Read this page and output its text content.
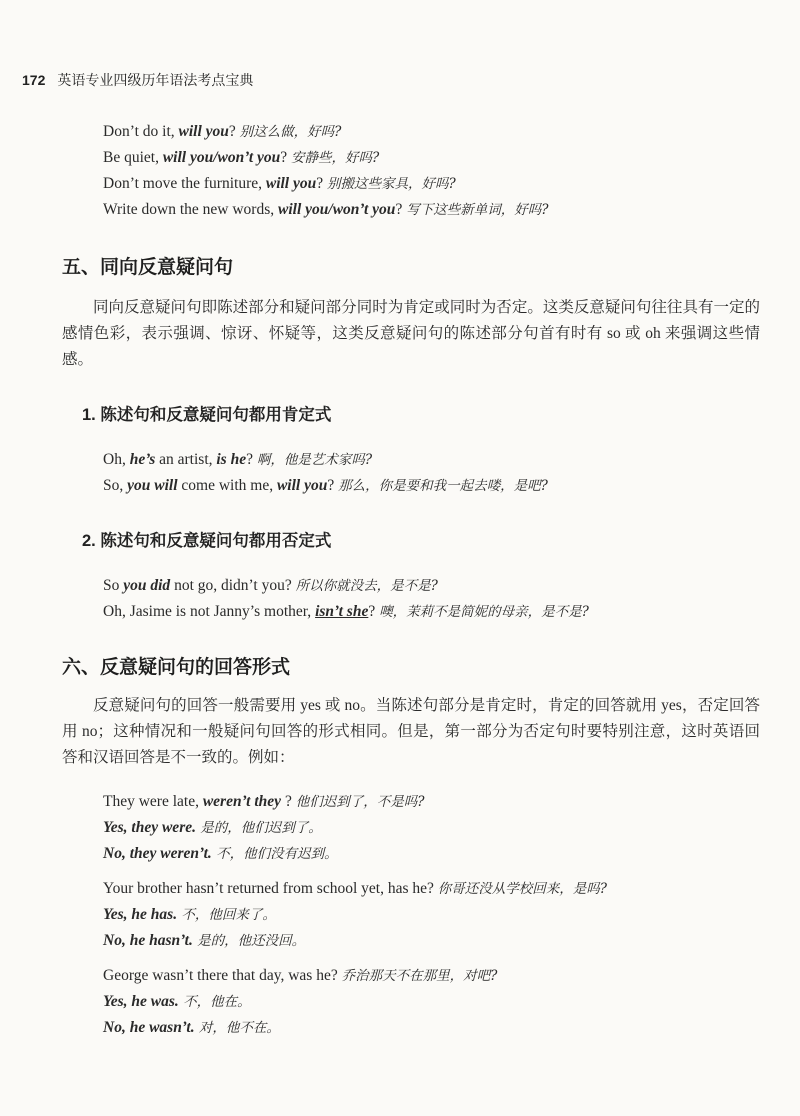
172 英语专业四级历年语法考点宝典
Don’t do it, will you? 别这么做，好吗?
Be quiet, will you/won’t you? 安静些，好吗?
Don’t move the furniture, will you? 别搬这些家具，好吗?
Write down the new words, will you/won’t you? 写下这些新单词，好吗?
五、同向反意疑问句
同向反意疑问句即陈述部分和疑问部分同时为肯定或同时为否定。这类反意疑问句往往具有一定的感情色彩，表示强调、惊讶、怀疑等，这类反意疑问句的陈述部分句首有时有 so 或 oh 来强调这些情感。
1. 陈述句和反意疑问句都用肯定式
Oh, he’s an artist, is he? 啊，他是艺术家吗?
So, you will come with me, will you? 那么，你是要和我一起去喽，是吧?
2. 陈述句和反意疑问句都用否定式
So you did not go, didn’t you? 所以你就没去，是不是?
Oh, Jasime is not Janny’s mother, isn’t she? 噢，茉莉不是简妮的母亲，是不是?
六、反意疑问句的回答形式
反意疑问句的回答一般需要用 yes 或 no。当陈述句部分是肯定时，肯定的回答就用 yes，否定回答用 no；这种情况和一般疑问句回答的形式相同。但是，第一部分为否定句时要特别注意，这时英语回答和汉语回答是不一致的。例如：
They were late, weren’t they ? 他们迟到了，不是吗?
Yes, they were. 是的，他们迟到了。
No, they weren’t. 不，他们没有迟到。
Your brother hasn’t returned from school yet, has he? 你哥还没从学校回来，是吗?
Yes, he has. 不，他回来了。
No, he hasn’t. 是的，他还没回。
George wasn’t there that day, was he? 乔治那天不在那里，对吧?
Yes, he was. 不，他在。
No, he wasn’t. 对，他不在。
